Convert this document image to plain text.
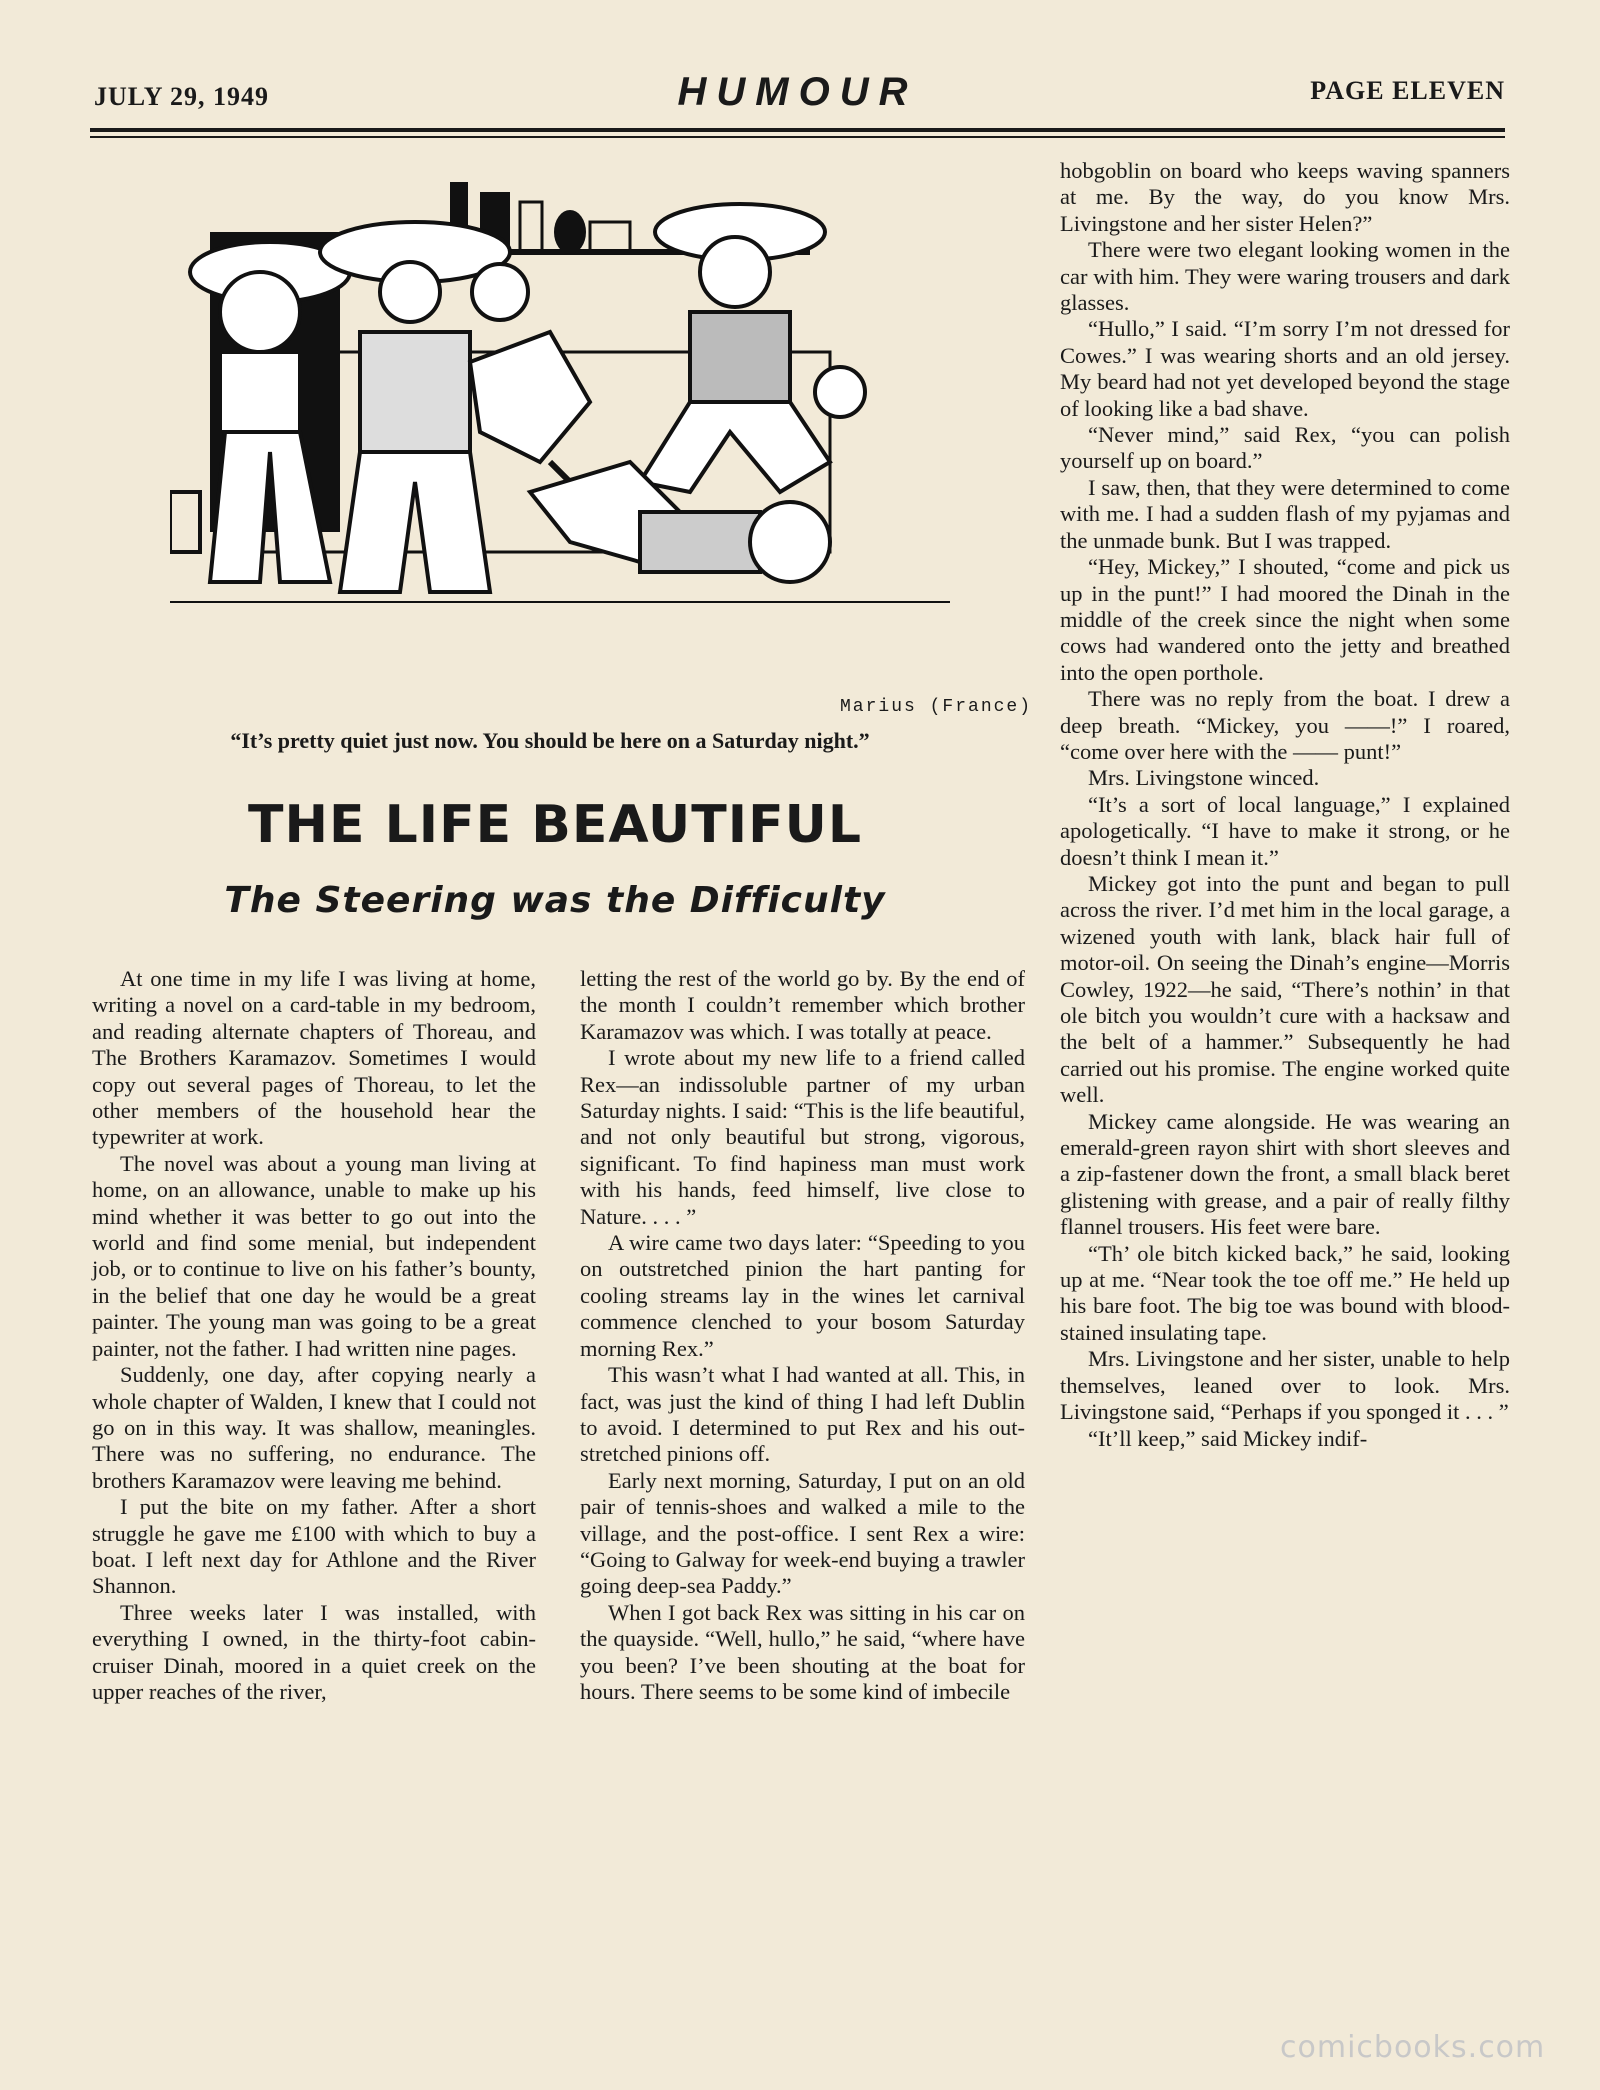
JULY 29, 1949	HUMOUR	PAGE ELEVEN
Marius (France)
“It’s pretty quiet just now. You should be here on a Saturday night.”
THE LIFE BEAUTIFUL
The Steering was the Difficulty

At one time in my life I was living at home, writing a novel on a card-table in my bedroom, and reading alternate chapters of Thoreau, and The Brothers Karamazov. Sometimes I would copy out several pages of Thoreau, to let the other members of the household hear the typewriter at work.

The novel was about a young man living at home, on an allowance, unable to make up his mind whether it was better to go out into the world and find some menial, but independent job, or to continue to live on his father’s bounty, in the belief that one day he would be a great painter. The young man was going to be a great painter, not the father. I had written nine pages.

Suddenly, one day, after copying nearly a whole chapter of Walden, I knew that I could not go on in this way. It was shallow, meaningles. There was no suffering, no endurance. The brothers Karamazov were leaving me behind.

I put the bite on my father. After a short struggle he gave me £100 with which to buy a boat. I left next day for Athlone and the River Shannon.

Three weeks later I was installed, with everything I owned, in the thirty-foot cabin-cruiser Dinah, moored in a quiet creek on the upper reaches of the river,

letting the rest of the world go by. By the end of the month I couldn’t remember which brother Karamazov was which. I was totally at peace.

I wrote about my new life to a friend called Rex—an indissoluble partner of my urban Saturday nights. I said: “This is the life beautiful, and not only beautiful but strong, vigorous, significant. To find hapiness man must work with his hands, feed himself, live close to Nature. . . . ”

A wire came two days later: “Speeding to you on outstretched pinion the hart panting for cooling streams lay in the wines let carnival commence clenched to your bosom Saturday morning Rex.”

This wasn’t what I had wanted at all. This, in fact, was just the kind of thing I had left Dublin to avoid. I determined to put Rex and his out-stretched pinions off.

Early next morning, Saturday, I put on an old pair of tennis-shoes and walked a mile to the village, and the post-office. I sent Rex a wire: “Going to Galway for week-end buying a trawler going deep-sea Paddy.”

When I got back Rex was sitting in his car on the quayside. “Well, hullo,” he said, “where have you been? I’ve been shouting at the boat for hours. There seems to be some kind of imbecile

hobgoblin on board who keeps waving spanners at me. By the way, do you know Mrs. Livingstone and her sister Helen?”

There were two elegant looking women in the car with him. They were waring trousers and dark glasses.

“Hullo,” I said. “I’m sorry I’m not dressed for Cowes.” I was wearing shorts and an old jersey. My beard had not yet developed beyond the stage of looking like a bad shave.

“Never mind,” said Rex, “you can polish yourself up on board.”

I saw, then, that they were determined to come with me. I had a sudden flash of my pyjamas and the unmade bunk. But I was trapped.

“Hey, Mickey,” I shouted, “come and pick us up in the punt!” I had moored the Dinah in the middle of the creek since the night when some cows had wandered onto the jetty and breathed into the open porthole.

There was no reply from the boat. I drew a deep breath. “Mickey, you ——!” I roared, “come over here with the —— punt!”

Mrs. Livingstone winced.

“It’s a sort of local language,” I explained apologetically. “I have to make it strong, or he doesn’t think I mean it.”

Mickey got into the punt and began to pull across the river. I’d met him in the local garage, a wizened youth with lank, black hair full of motor-oil. On seeing the Dinah’s engine—Morris Cowley, 1922—he said, “There’s nothin’ in that ole bitch you wouldn’t cure with a hacksaw and the belt of a hammer.” Subsequently he had carried out his promise. The engine worked quite well.

Mickey came alongside. He was wearing an emerald-green rayon shirt with short sleeves and a zip-fastener down the front, a small black beret glistening with grease, and a pair of really filthy flannel trousers. His feet were bare.

“Th’ ole bitch kicked back,” he said, looking up at me. “Near took the toe off me.” He held up his bare foot. The big toe was bound with blood-stained insulating tape.

Mrs. Livingstone and her sister, unable to help themselves, leaned over to look. Mrs. Livingstone said, “Perhaps if you sponged it . . . ”

“It’ll keep,” said Mickey indif-

comicbooks.com
